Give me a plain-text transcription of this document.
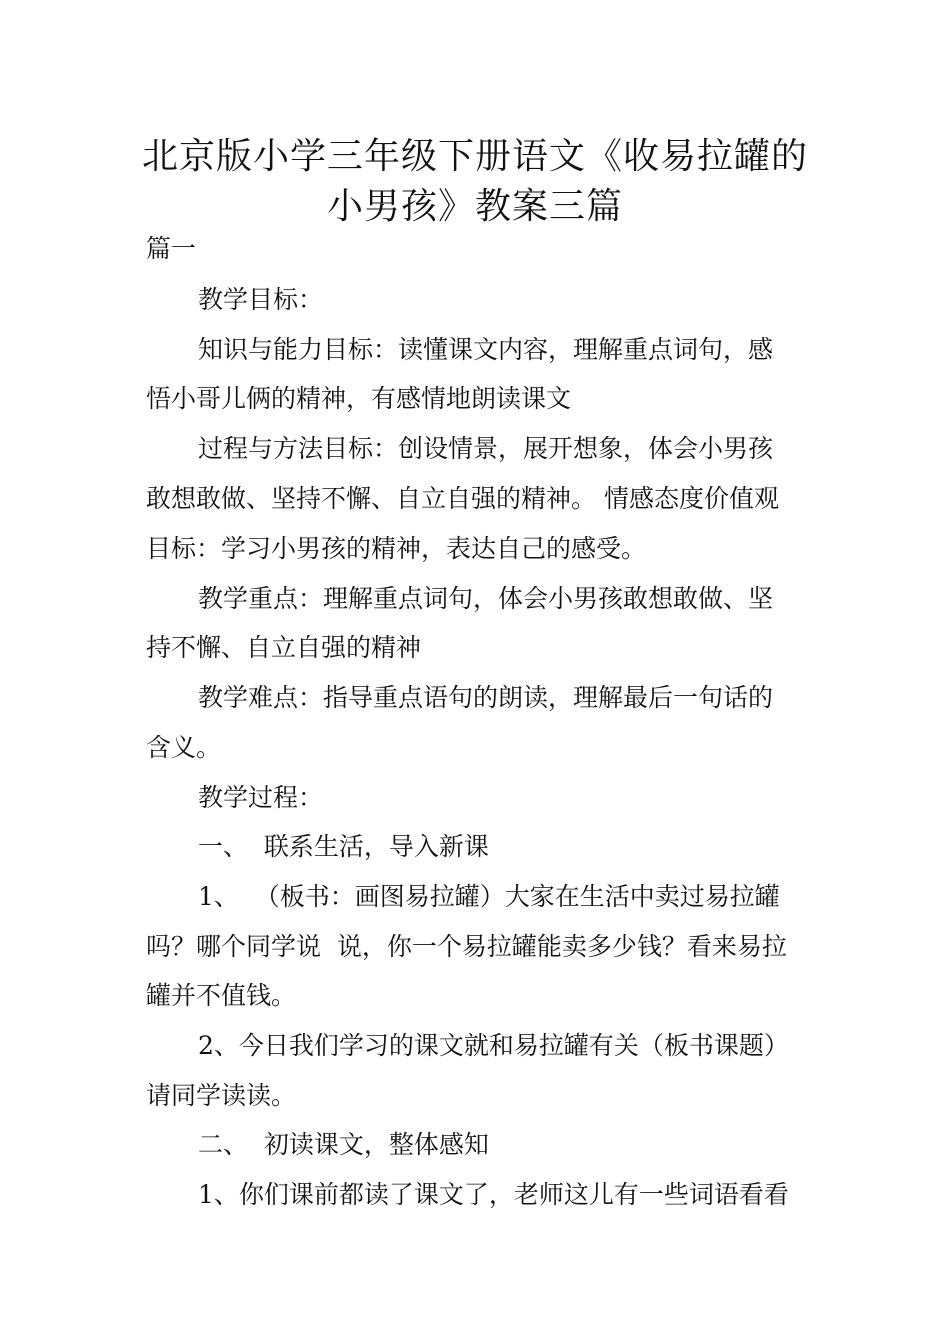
北京版小学三年级下册语文《收易拉罐的
小男孩》教案三篇
篇一
教学目标：
知识与能力目标：读懂课文内容，理解重点词句，感
悟小哥儿俩的精神，有感情地朗读课文
过程与方法目标：创设情景，展开想象，体会小男孩
敢想敢做、坚持不懈、自立自强的精神。 情感态度价值观
目标：学习小男孩的精神，表达自己的感受。
教学重点：理解重点词句，体会小男孩敢想敢做、坚
持不懈、自立自强的精神
教学难点：指导重点语句的朗读，理解最后一句话的
含义。
教学过程：
一、  联系生活，导入新课
1、  （板书：画图易拉罐）大家在生活中卖过易拉罐
吗？哪个同学说  说，你一个易拉罐能卖多少钱？看来易拉
罐并不值钱。
2、今日我们学习的课文就和易拉罐有关（板书课题）
请同学读读。
二、  初读课文，整体感知
1、你们课前都读了课文了，老师这儿有一些词语看看
